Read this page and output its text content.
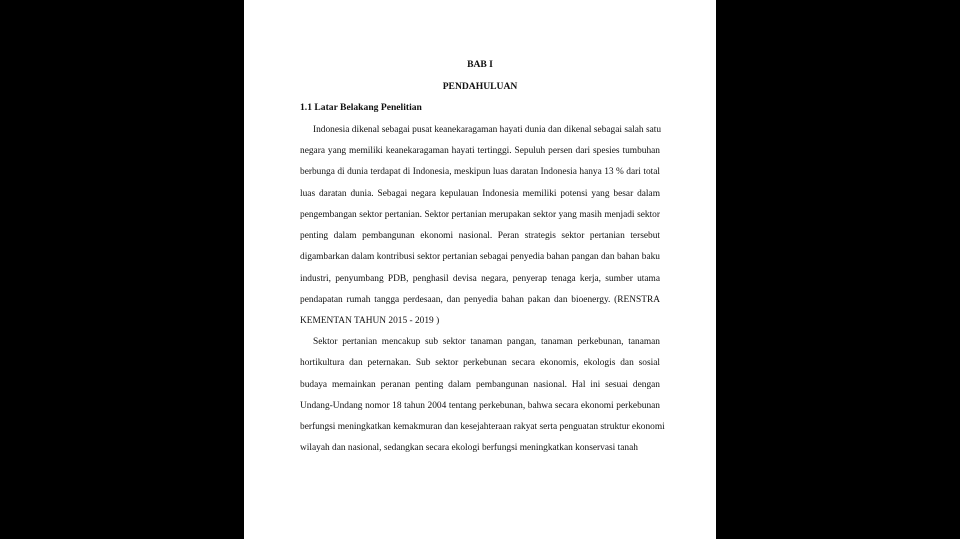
BAB I
PENDAHULUAN
1.1 Latar Belakang Penelitian
Indonesia dikenal sebagai pusat keanekaragaman hayati dunia dan dikenal sebagai salah satu
negara yang memiliki keanekaragaman hayati tertinggi. Sepuluh persen dari spesies tumbuhan
berbunga di dunia terdapat di Indonesia, meskipun luas daratan Indonesia hanya 13 % dari total
luas daratan dunia. Sebagai negara kepulauan Indonesia memiliki potensi yang besar dalam
pengembangan sektor pertanian. Sektor pertanian merupakan sektor yang masih menjadi sektor
penting dalam pembangunan ekonomi nasional. Peran strategis sektor pertanian tersebut
digambarkan dalam kontribusi sektor pertanian sebagai penyedia bahan pangan dan bahan baku
industri, penyumbang PDB, penghasil devisa negara, penyerap tenaga kerja, sumber utama
pendapatan rumah tangga perdesaan, dan penyedia bahan pakan dan bioenergy. (RENSTRA
KEMENTAN TAHUN 2015 - 2019 )
Sektor pertanian mencakup sub sektor tanaman pangan, tanaman perkebunan, tanaman
hortikultura dan peternakan. Sub sektor perkebunan secara ekonomis, ekologis dan sosial
budaya memainkan peranan penting dalam pembangunan nasional. Hal ini sesuai dengan
Undang-Undang nomor 18 tahun 2004 tentang perkebunan, bahwa secara ekonomi perkebunan
berfungsi meningkatkan kemakmuran dan kesejahteraan rakyat serta penguatan struktur ekonomi
wilayah dan nasional, sedangkan secara ekologi berfungsi meningkatkan konservasi tanah
